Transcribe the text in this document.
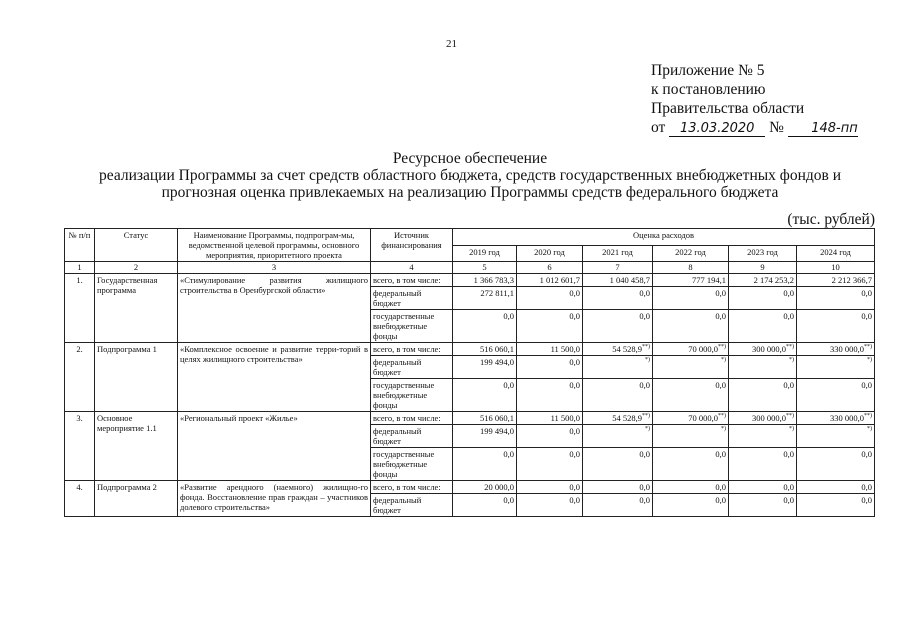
21
Приложение № 5
к постановлению
Правительства области
от 13.03.2020 № 148-пп
Ресурсное обеспечение
реализации Программы за счет средств областного бюджета, средств государственных внебюджетных фондов и
прогнозная оценка привлекаемых на реализацию Программы средств федерального бюджета
(тыс. рублей)
№ п/п	Статус	Наименование Программы, подпрограм-мы, ведомственной целевой программы, основного мероприятия, приоритетного проекта	Источник финансирования	Оценка расходов					
				2019 год	2020 год	2021 год	2022 год	2023 год	2024 год
1	2	3	4	5	6	7	8	9	10
1.	Государственная программа	«Стимулирование развития жилищного строительства в Оренбургской области»	всего, в том числе:	1 366 783,3	1 012 601,7	1 040 458,7	777 194,1	2 174 253,2	2 212 366,7
			федеральный бюджет	272 811,1	0,0	0,0	0,0	0,0	0,0
			государственные внебюджетные фонды	0,0	0,0	0,0	0,0	0,0	0,0
2.	Подпрограмма 1	«Комплексное освоение и развитие терри-торий в целях жилищного строительства»	всего, в том числе:	516 060,1	11 500,0	54 528,9**)	70 000,0**)	300 000,0**)	330 000,0**)
			федеральный бюджет	199 494,0	0,0	*)	*)	*)	*)
			государственные внебюджетные фонды	0,0	0,0	0,0	0,0	0,0	0,0
3.	Основное мероприятие 1.1	«Региональный проект «Жилье»	всего, в том числе:	516 060,1	11 500,0	54 528,9**)	70 000,0**)	300 000,0**)	330 000,0**)
			федеральный бюджет	199 494,0	0,0	*)	*)	*)	*)
			государственные внебюджетные фонды	0,0	0,0	0,0	0,0	0,0	0,0
4.	Подпрограмма 2	«Развитие арендного (наемного) жилищно-го фонда. Восстановление прав граждан – участников долевого строительства»	всего, в том числе:	20 000,0	0,0	0,0	0,0	0,0	0,0
			федеральный бюджет	0,0	0,0	0,0	0,0	0,0	0,0
